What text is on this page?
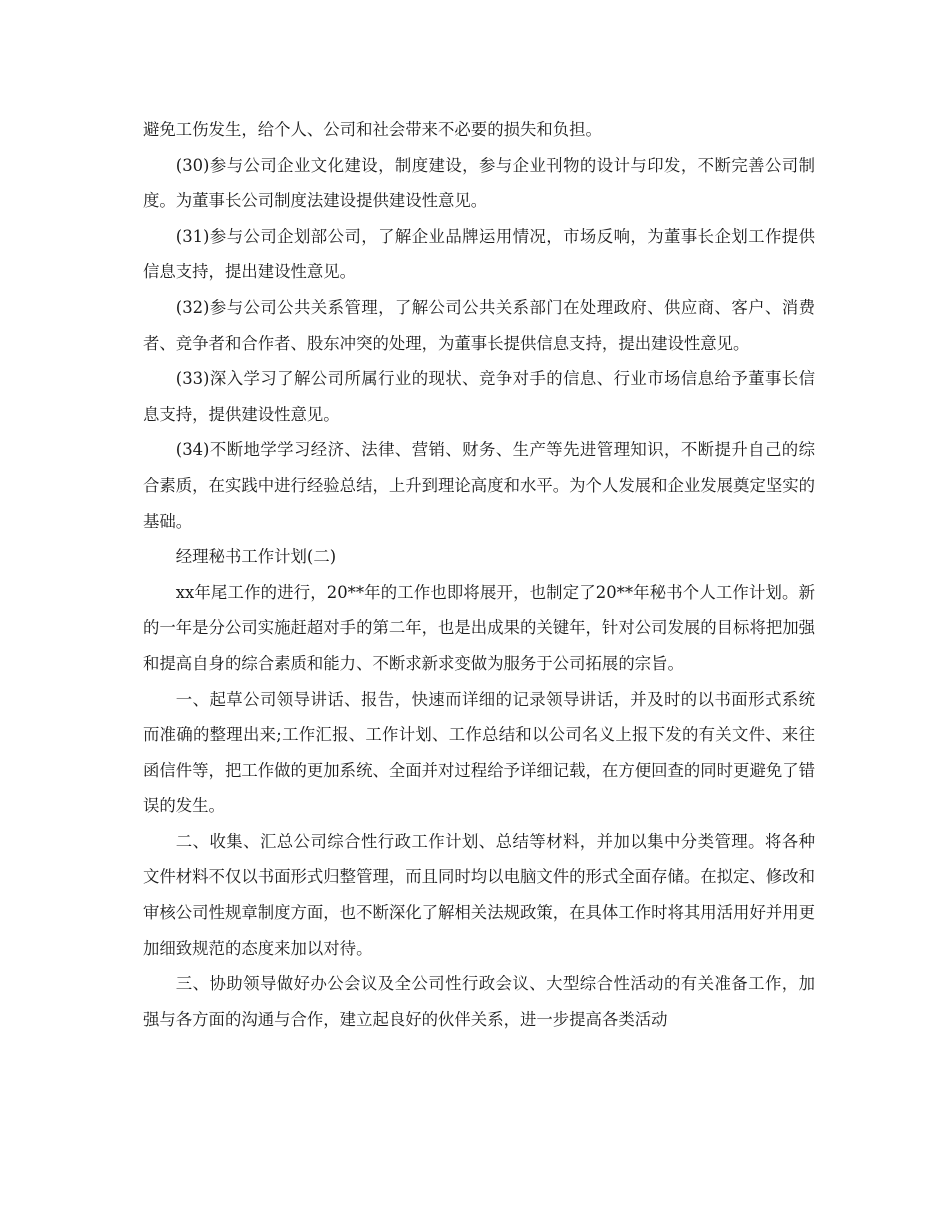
避免工伤发生，给个人、公司和社会带来不必要的损失和负担。

(30)参与公司企业文化建设，制度建设，参与企业刊物的设计与印发，不断完善公司制度。为董事长公司制度法建设提供建设性意见。

(31)参与公司企划部公司，了解企业品牌运用情况，市场反响，为董事长企划工作提供信息支持，提出建设性意见。

(32)参与公司公共关系管理，了解公司公共关系部门在处理政府、供应商、客户、消费者、竞争者和合作者、股东冲突的处理，为董事长提供信息支持，提出建设性意见。

(33)深入学习了解公司所属行业的现状、竞争对手的信息、行业市场信息给予董事长信息支持，提供建设性意见。

(34)不断地学学习经济、法律、营销、财务、生产等先进管理知识，不断提升自己的综合素质，在实践中进行经验总结，上升到理论高度和水平。为个人发展和企业发展奠定坚实的基础。

经理秘书工作计划(二)

xx年尾工作的进行，20**年的工作也即将展开，也制定了20**年秘书个人工作计划。新的一年是分公司实施赶超对手的第二年，也是出成果的关键年，针对公司发展的目标将把加强和提高自身的综合素质和能力、不断求新求变做为服务于公司拓展的宗旨。

一、起草公司领导讲话、报告，快速而详细的记录领导讲话，并及时的以书面形式系统而准确的整理出来;工作汇报、工作计划、工作总结和以公司名义上报下发的有关文件、来往函信件等，把工作做的更加系统、全面并对过程给予详细记载，在方便回查的同时更避免了错误的发生。

二、收集、汇总公司综合性行政工作计划、总结等材料，并加以集中分类管理。将各种文件材料不仅以书面形式归整管理，而且同时均以电脑文件的形式全面存储。在拟定、修改和审核公司性规章制度方面，也不断深化了解相关法规政策，在具体工作时将其用活用好并用更加细致规范的态度来加以对待。

三、协助领导做好办公会议及全公司性行政会议、大型综合性活动的有关准备工作，加强与各方面的沟通与合作，建立起良好的伙伴关系，进一步提高各类活动
